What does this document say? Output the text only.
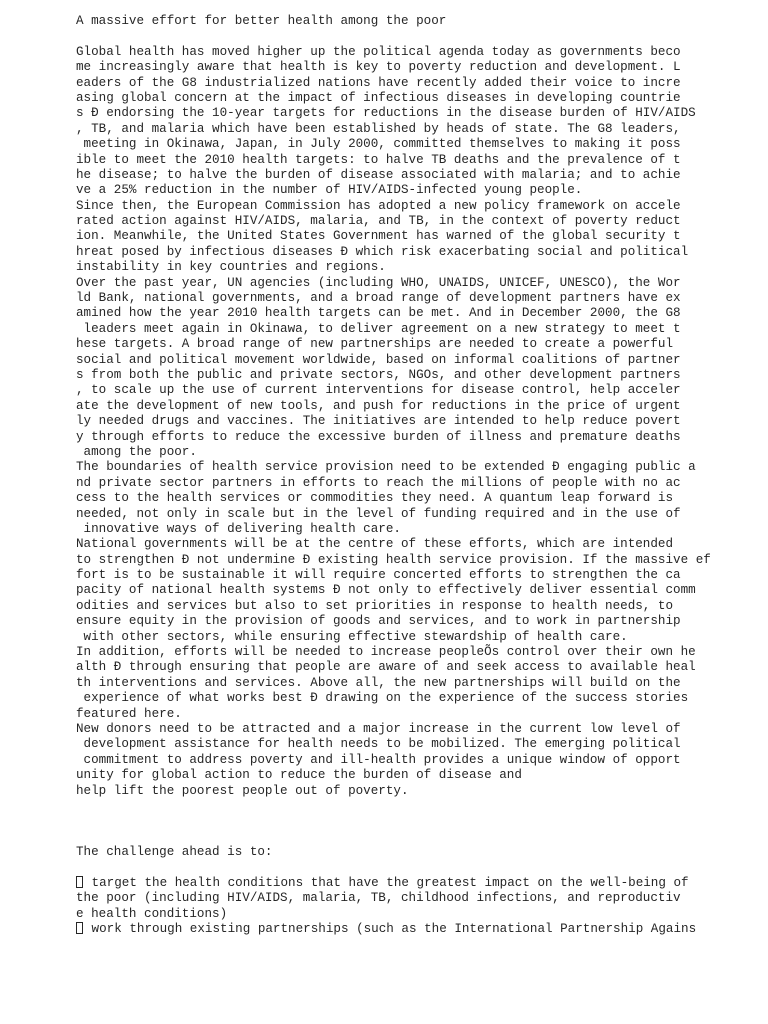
A massive effort for better health among the poor
Global health has moved higher up the political agenda today as governments beco
me increasingly aware that health is key to poverty reduction and development. L
eaders of the G8 industrialized nations have recently added their voice to incre
asing global concern at the impact of infectious diseases in developing countrie
s Ð endorsing the 10-year targets for reductions in the disease burden of HIV/AIDS
, TB, and malaria which have been established by heads of state. The G8 leaders,
meeting in Okinawa, Japan, in July 2000, committed themselves to making it poss
ible to meet the 2010 health targets: to halve TB deaths and the prevalence of t
he disease; to halve the burden of disease associated with malaria; and to achie
ve a 25% reduction in the number of HIV/AIDS-infected young people.
Since then, the European Commission has adopted a new policy framework on accele
rated action against HIV/AIDS, malaria, and TB, in the context of poverty reduct
ion. Meanwhile, the United States Government has warned of the global security t
hreat posed by infectious diseases Ð which risk exacerbating social and political
instability in key countries and regions.
Over the past year, UN agencies (including WHO, UNAIDS, UNICEF, UNESCO), the Wor
ld Bank, national governments, and a broad range of development partners have ex
amined how the year 2010 health targets can be met. And in December 2000, the G8
leaders meet again in Okinawa, to deliver agreement on a new strategy to meet t
hese targets. A broad range of new partnerships are needed to create a powerful
social and political movement worldwide, based on informal coalitions of partner
s from both the public and private sectors, NGOs, and other development partners
, to scale up the use of current interventions for disease control, help acceler
ate the development of new tools, and push for reductions in the price of urgent
ly needed drugs and vaccines. The initiatives are intended to help reduce povert
y through efforts to reduce the excessive burden of illness and premature deaths
among the poor.
The boundaries of health service provision need to be extended Ð engaging public a
nd private sector partners in efforts to reach the millions of people with no ac
cess to the health services or commodities they need. A quantum leap forward is
needed, not only in scale but in the level of funding required and in the use of
innovative ways of delivering health care.
National governments will be at the centre of these efforts, which are intended
to strengthen Ð not undermine Ð existing health service provision. If the massive ef
fort is to be sustainable it will require concerted efforts to strengthen the ca
pacity of national health systems Ð not only to effectively deliver essential comm
odities and services but also to set priorities in response to health needs, to
ensure equity in the provision of goods and services, and to work in partnership
with other sectors, while ensuring effective stewardship of health care.
In addition, efforts will be needed to increase peopleÕs control over their own he
alth Ð through ensuring that people are aware of and seek access to available heal
th interventions and services. Above all, the new partnerships will build on the
experience of what works best Ð drawing on the experience of the success stories
featured here.
New donors need to be attracted and a major increase in the current low level of
development assistance for health needs to be mobilized. The emerging political
commitment to address poverty and ill-health provides a unique window of opport
unity for global action to reduce the burden of disease and
help lift the poorest people out of poverty.
The challenge ahead is to:
target the health conditions that have the greatest impact on the well-being of
the poor (including HIV/AIDS, malaria, TB, childhood infections, and reproductiv
e health conditions)
work through existing partnerships (such as the International Partnership Agains
